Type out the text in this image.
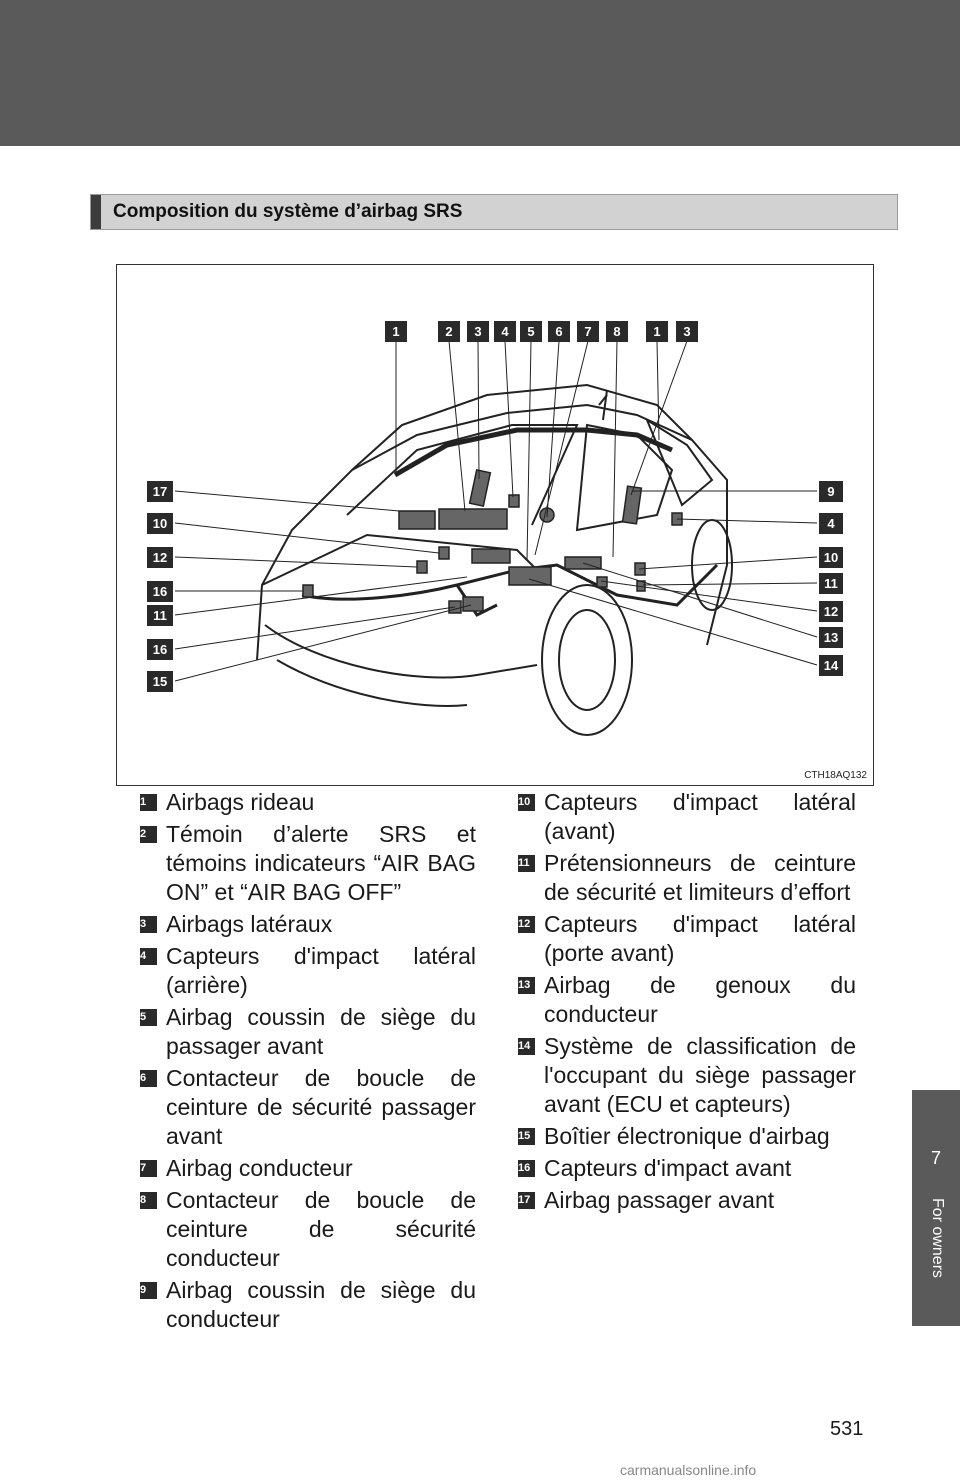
Composition du système d’airbag SRS
1	2	3	4	5	6	7	8	1	3
17
10
12
16
11
16
15
9
4
10
11
12
13
14
CTH18AQ132
1 Airbags rideau
2 Témoin d’alerte SRS et témoins indicateurs “AIR BAG ON” et “AIR BAG OFF”
3 Airbags latéraux
4 Capteurs d'impact latéral (arrière)
5 Airbag coussin de siège du passager avant
6 Contacteur de boucle de ceinture de sécurité passager avant
7 Airbag conducteur
8 Contacteur de boucle de ceinture de sécurité conducteur
9 Airbag coussin de siège du conducteur
10 Capteurs d'impact latéral (avant)
11 Prétensionneurs de ceinture de sécurité et limiteurs d’effort
12 Capteurs d'impact latéral (porte avant)
13 Airbag de genoux du conducteur
14 Système de classification de l'occupant du siège passager avant (ECU et capteurs)
15 Boîtier électronique d'airbag
16 Capteurs d'impact avant
17 Airbag passager avant
7
For owners
531
carmanualsonline.info
